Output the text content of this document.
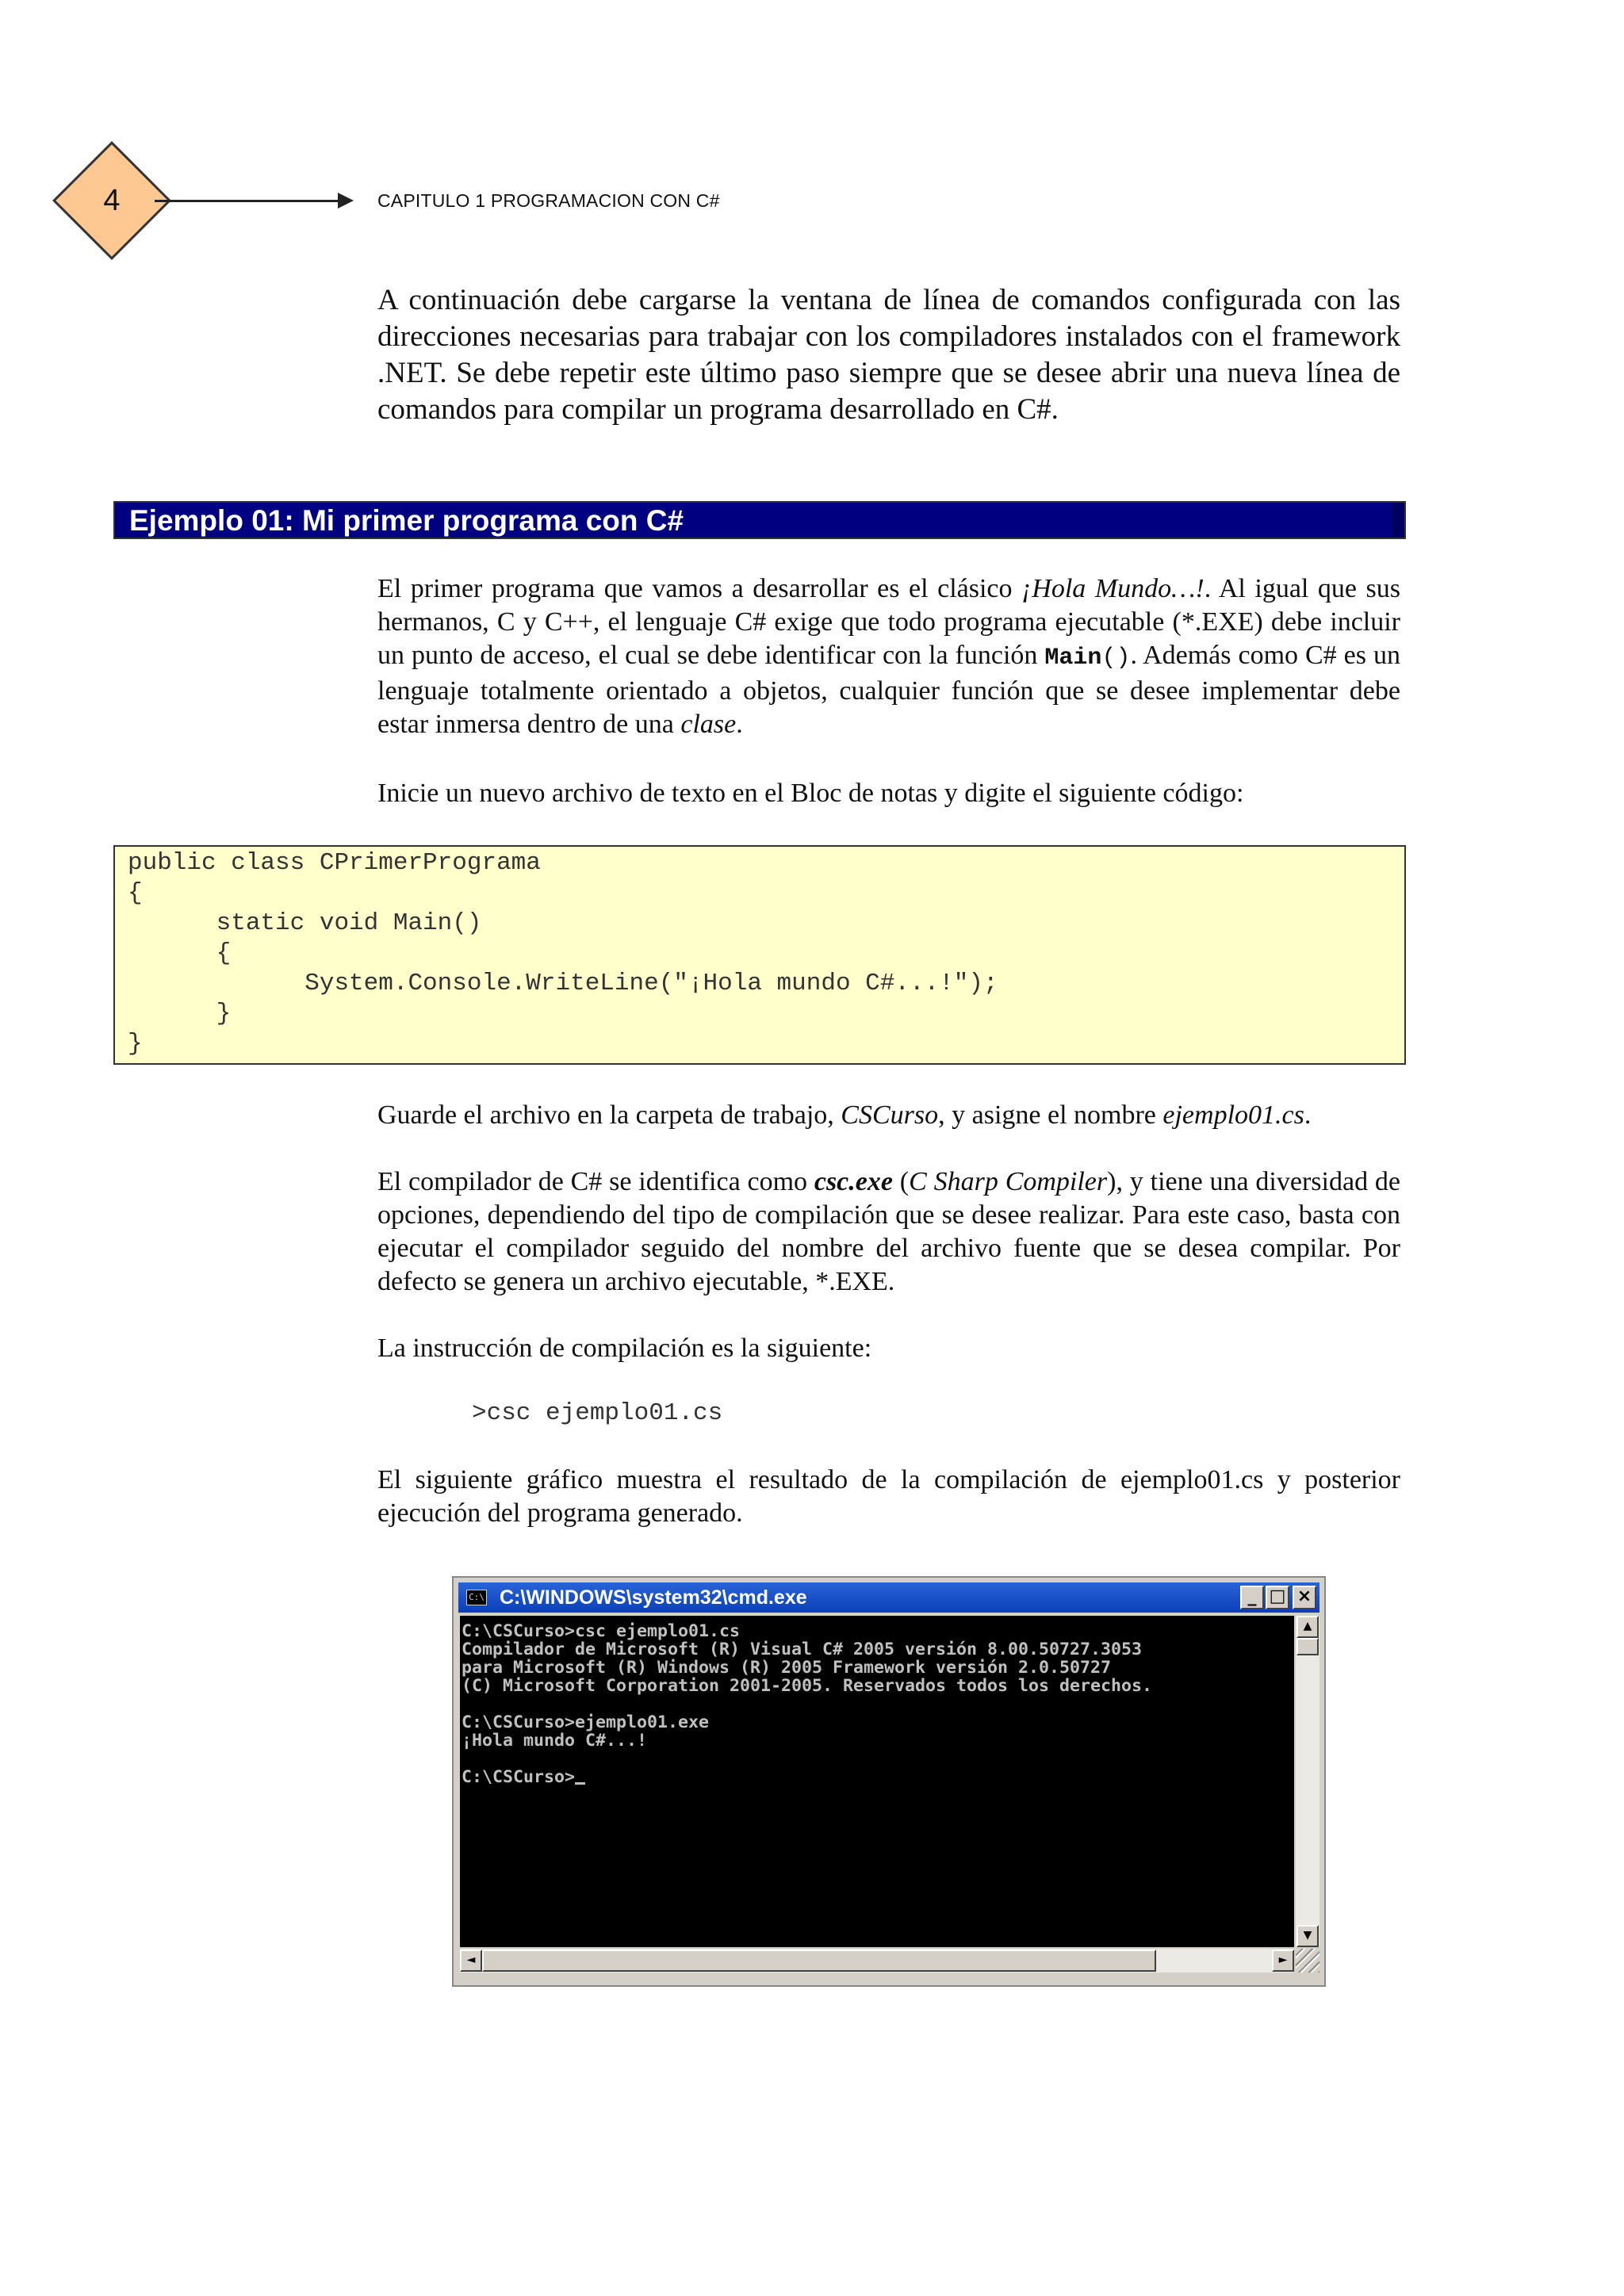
4	CAPITULO 1 PROGRAMACION CON C#

A continuación debe cargarse la ventana de línea de comandos configurada con las direcciones necesarias para trabajar con los compiladores instalados con el framework .NET. Se debe repetir este último paso siempre que se desee abrir una nueva línea de comandos para compilar un programa desarrollado en C#.

Ejemplo 01: Mi primer programa con C#

El primer programa que vamos a desarrollar es el clásico ¡Hola Mundo…!. Al igual que sus hermanos, C y C++, el lenguaje C# exige que todo programa ejecutable (*.EXE) debe incluir un punto de acceso, el cual se debe identificar con la función Main(). Además como C# es un lenguaje totalmente orientado a objetos, cualquier función que se desee implementar debe estar inmersa dentro de una clase.

Inicie un nuevo archivo de texto en el Bloc de notas y digite el siguiente código:

public class CPrimerPrograma
{
static void Main()
{
System.Console.WriteLine("¡Hola mundo C#...!");
}
}

Guarde el archivo en la carpeta de trabajo, CSCurso, y asigne el nombre ejemplo01.cs.

El compilador de C# se identifica como csc.exe (C Sharp Compiler), y tiene una diversidad de opciones, dependiendo del tipo de compilación que se desee realizar. Para este caso, basta con ejecutar el compilador seguido del nombre del archivo fuente que se desea compilar. Por defecto se genera un archivo ejecutable, *.EXE.

La instrucción de compilación es la siguiente:

>csc ejemplo01.cs

El siguiente gráfico muestra el resultado de la compilación de ejemplo01.cs y posterior ejecución del programa generado.

C:\ C:\WINDOWS\system32\cmd.exe	_ □ ×
C:\CSCurso>csc ejemplo01.cs
Compilador de Microsoft (R) Visual C# 2005 versión 8.00.50727.3053
para Microsoft (R) Windows (R) 2005 Framework versión 2.0.50727
(C) Microsoft Corporation 2001-2005. Reservados todos los derechos.
C:\CSCurso>ejemplo01.exe
¡Hola mundo C#...!
C:\CSCurso>
▲
▼
◄	►
